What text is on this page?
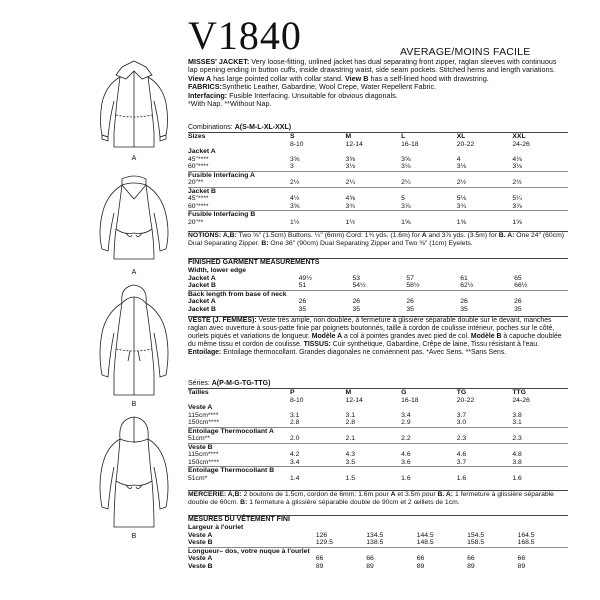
V1840	AVERAGE/MOINS FACILE
A
A
B
B
MISSES' JACKET: Very loose-fitting, unlined jacket has dual separating front zipper, raglan sleeves with continuous lap opening ending in button cuffs, inside drawstring waist, side seam pockets. Stitched hems and length variations. View A has large pointed collar with collar stand. View B has a self-lined hood with drawstring.
FABRICS:Synthetic Leather, Gabardine, Wool Crepe, Water Repellent Fabric.
Interfacing: Fusible Interfacing. Unsuitable for obvious diagonals.
*With Nap. **Without Nap.
Combinations: A(S-M-L-XL-XXL)
Sizes	S	M	L	XL	XXL
	8-10	12-14	16-18	20-22	24-26
Jacket A					
45"****	3⅝	3⅝	3⅝	4	4⅛
60"****	3	3⅛	3⅛	3⅛	3⅛
Fusible Interfacing A					
20"**	2½	2¼	2¼	2½	2½
Jacket B					
45"****	4½	4⅝	5	5⅛	5¼
60"****	3⅝	3¾	3⅞	3¾	3⅞
Fusible Interfacing B					
20"**	1½	1½	1⅝	1⅝	1⅝
NOTIONS: A,B: Two ⅝" (1.5cm) Buttons. ¼" (6mm) Cord: 1¾ yds. (1.6m) for A and 3⅞ yds. (3.5m) for B. A: One 24" (60cm) Dual Separating Zipper. B: One 36" (90cm) Dual Separating Zipper and Two ⅜" (1cm) Eyelets.
FINISHED GARMENT MEASUREMENTS
Width, lower edge					
Jacket A	49½	53	57	61	65
Jacket B	51	54½	58½	62½	66½
Back length from base of neck					
Jacket A	26	26	26	26	26
Jacket B	35	35	35	35	35
VESTE (J. FEMMES): Veste très ample, non doublée, à fermeture à glissière séparable double sur le devant, manches raglan avec ouverture à sous-patte finie par poignets boutonnés, taille à cordon de coulisse intérieur, poches sur le côté, ourlets piqués et variations de longueur. Modèle A a col à pointes grandes avec pied de col. Modèle B à capuche doublée du même tissu et cordon de coulisse. TISSUS: Cuir synthétique, Gabardine, Crêpe de laine, Tissu résistant à l'eau. Entoilage: Entoilage thermocollant. Grandes diagonales ne conviennent pas. *Avec Sens. **Sans Sens.
Séries: A(P-M-G-TG-TTG)
Tailles	P	M	G	TG	TTG
	8-10	12-14	16-18	20-22	24-26
Veste A					
115cm****	3.1	3.1	3.4	3.7	3.8
150cm****	2.8	2.8	2.9	3.0	3.1
Entoilage Thermocollant A					
51cm**	2.0	2.1	2.2	2.3	2.3
Veste B					
115cm****	4.2	4.3	4.6	4.6	4.8
150cm****	3.4	3.5	3.6	3.7	3.8
Entoilage Thermocollant B					
51cm*	1.4	1.5	1.6	1.6	1.6
MERCERIE: A,B: 2 boutons de 1.5cm, cordon de 6mm: 1.6m pour A et 3.5m pour B. A: 1 fermeture à glissière séparable double de 60cm. B: 1 fermeture à glissière séparable double de 90cm et 2 œillets de 1cm.
MESURES DU VÊTEMENT FINI
Largeur à l'ourlet					
Veste A	126	134.5	144.5	154.5	164.5
Veste B	129.5	138.5	148.5	158.5	168.5
Longueur– dos, votre nuque à l'ourlet					
Veste A	66	66	66	66	66
Veste B	89	89	89	89	89
